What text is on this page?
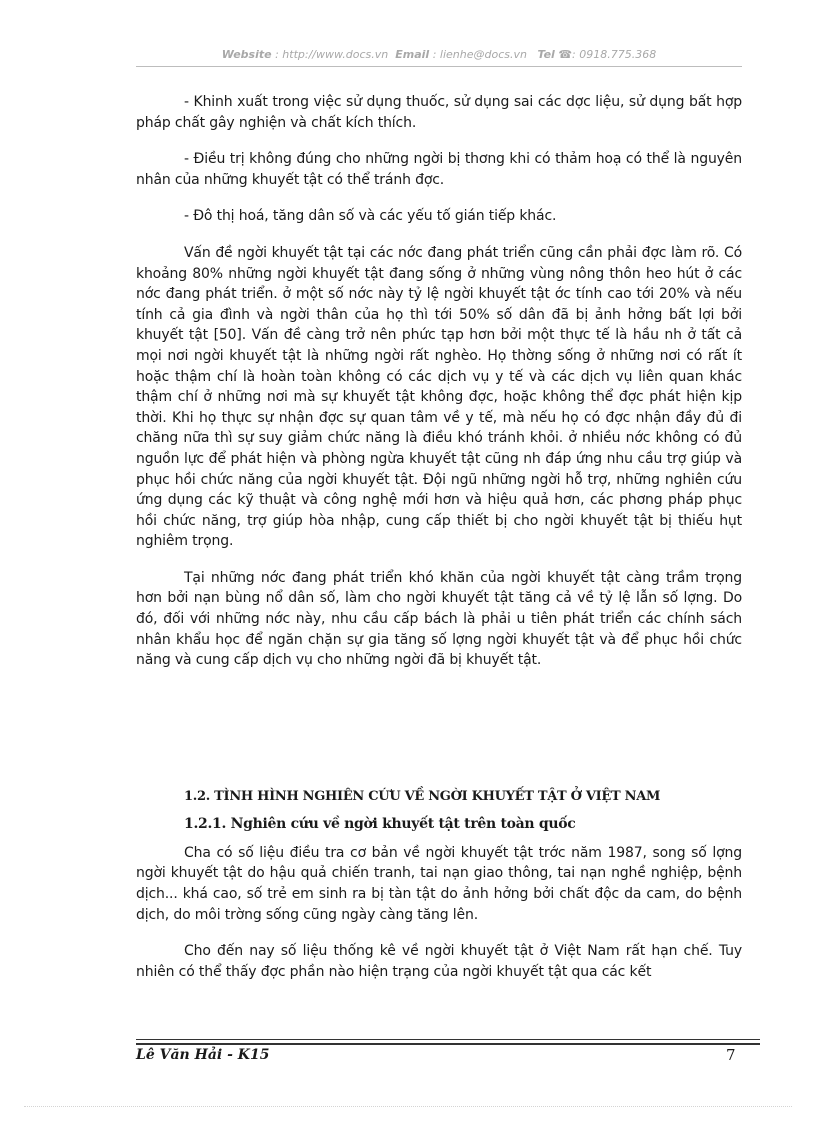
Website : http://www.docs.vn Email : lienhe@docs.vn Tel ☎: 0918.775.368

- Khinh xuất trong việc sử dụng thuốc, sử dụng sai các dợc liệu, sử dụng bất hợp pháp chất gây nghiện và chất kích thích.

- Điều trị không đúng cho những ngời bị thơng khi có thảm hoạ có thể là nguyên nhân của những khuyết tật có thể tránh đợc.

- Đô thị hoá, tăng dân số và các yếu tố gián tiếp khác.

Vấn đề ngời khuyết tật tại các nớc đang phát triển cũng cần phải đợc làm rõ. Có khoảng 80% những ngời khuyết tật đang sống ở những vùng nông thôn heo hút ở các nớc đang phát triển. ở một số nớc này tỷ lệ ngời khuyết tật ớc tính cao tới 20% và nếu tính cả gia đình và ngời thân của họ thì tới 50% số dân đã bị ảnh hởng bất lợi bởi khuyết tật [50]. Vấn đề càng trở nên phức tạp hơn bởi một thực tế là hầu nh ở tất cả mọi nơi ngời khuyết tật là những ngời rất nghèo. Họ thờng sống ở những nơi có rất ít hoặc thậm chí là hoàn toàn không có các dịch vụ y tế và các dịch vụ liên quan khác thậm chí ở những nơi mà sự khuyết tật không đợc, hoặc không thể đợc phát hiện kịp thời. Khi họ thực sự nhận đợc sự quan tâm về y tế, mà nếu họ có đợc nhận đầy đủ đi chăng nữa thì sự suy giảm chức năng là điều khó tránh khỏi. ở nhiều nớc không có đủ nguồn lực để phát hiện và phòng ngừa khuyết tật cũng nh đáp ứng nhu cầu trợ giúp và phục hồi chức năng của ngời khuyết tật. Đội ngũ những ngời hỗ trợ, những nghiên cứu ứng dụng các kỹ thuật và công nghệ mới hơn và hiệu quả hơn, các phơng pháp phục hồi chức năng, trợ giúp hòa nhập, cung cấp thiết bị cho ngời khuyết tật bị thiếu hụt nghiêm trọng.

Tại những nớc đang phát triển khó khăn của ngời khuyết tật càng trầm trọng hơn bởi nạn bùng nổ dân số, làm cho ngời khuyết tật tăng cả về tỷ lệ lẫn số lợng. Do đó, đối với những nớc này, nhu cầu cấp bách là phải u tiên phát triển các chính sách nhân khẩu học để ngăn chặn sự gia tăng số lợng ngời khuyết tật và để phục hồi chức năng và cung cấp dịch vụ cho những ngời đã bị khuyết tật.

1.2. TÌNH HÌNH NGHIÊN CỨU VỀ NGỜI KHUYẾT TẬT Ở VIỆT NAM
1.2.1. Nghiên cứu về ngời khuyết tật trên toàn quốc

Cha có số liệu điều tra cơ bản về ngời khuyết tật trớc năm 1987, song số lợng ngời khuyết tật do hậu quả chiến tranh, tai nạn giao thông, tai nạn nghề nghiệp, bệnh dịch... khá cao, số trẻ em sinh ra bị tàn tật do ảnh hởng bởi chất độc da cam, do bệnh dịch, do môi trờng sống cũng ngày càng tăng lên.

Cho đến nay số liệu thống kê về ngời khuyết tật ở Việt Nam rất hạn chế. Tuy nhiên có thể thấy đợc phần nào hiện trạng của ngời khuyết tật qua các kết

Lê Văn Hải - K15	7
